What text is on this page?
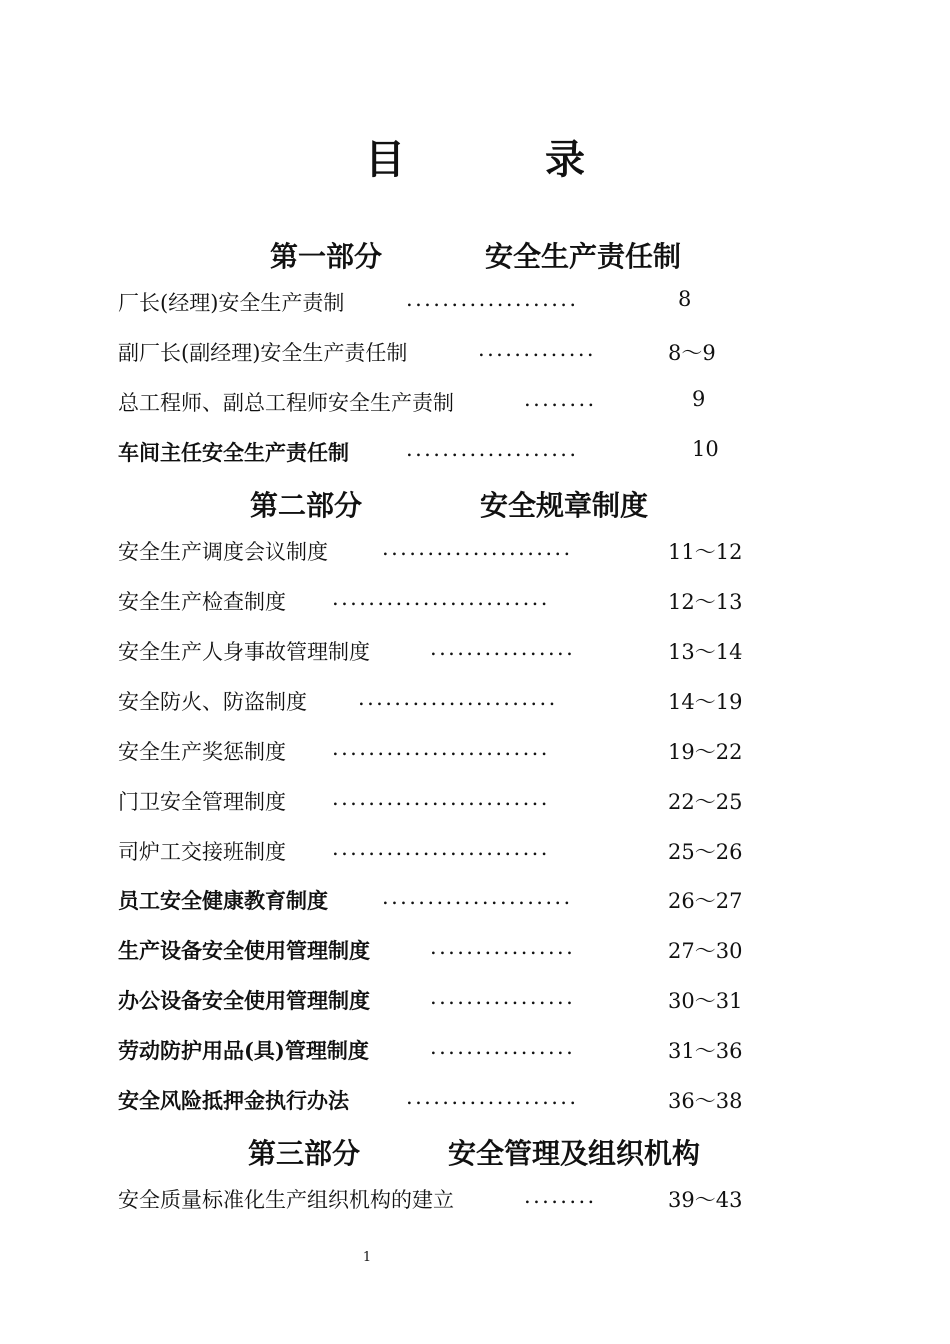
目	录
第一部分	安全生产责任制
厂长(经理)安全生产责制	...................	8
副厂长(副经理)安全生产责任制	.............	8～9
总工程师、副总工程师安全生产责制	........	9
车间主任安全生产责任制	...................	10
第二部分	安全规章制度
安全生产调度会议制度	.....................	11～12
安全生产检查制度 ........................	12～13
安全生产人身事故管理制度	................	13～14
安全防火、防盗制度 ......................	14～19
安全生产奖惩制度 ........................	19～22
门卫安全管理制度 ........................	22～25
司炉工交接班制度 ........................	25～26
员工安全健康教育制度	.....................	26～27
生产设备安全使用管理制度	................	27～30
办公设备安全使用管理制度	................	30～31
劳动防护用品(具)管理制度	................	31～36
安全风险抵押金执行办法	...................	36～38
第三部分	安全管理及组织机构
安全质量标准化生产组织机构的建立	........	39～43
1
